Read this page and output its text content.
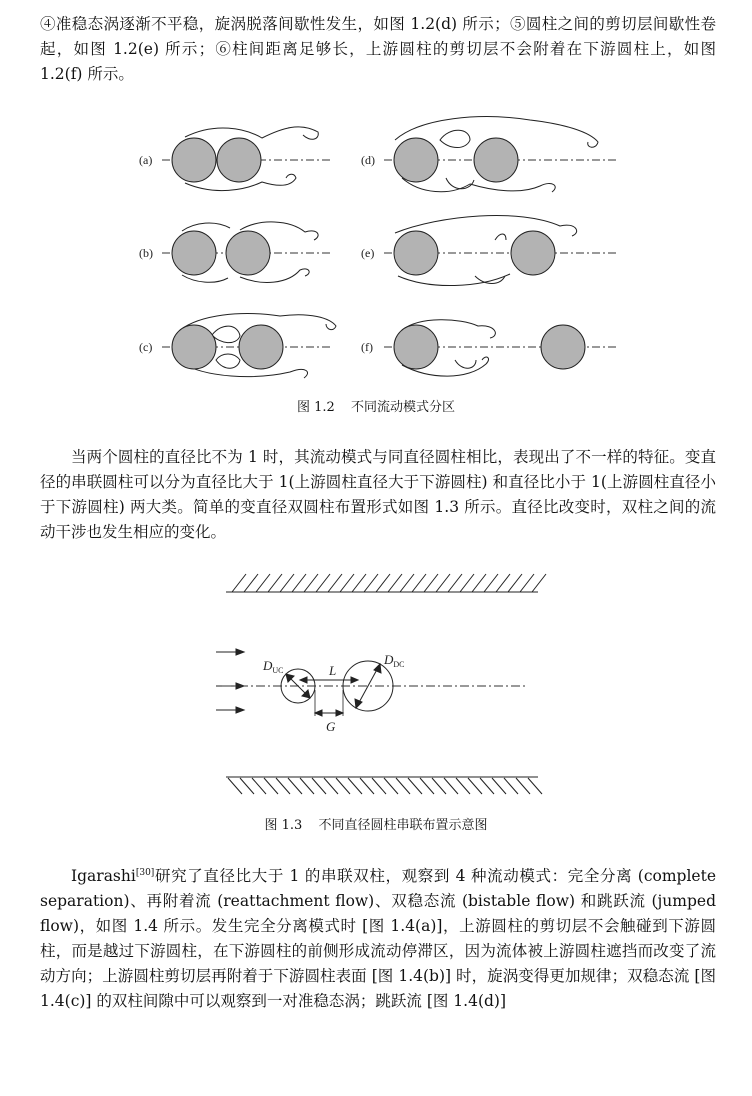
④准稳态涡逐渐不平稳，旋涡脱落间歇性发生，如图 1.2(d) 所示；⑤圆柱之间的剪切层间歇性卷起，如图 1.2(e) 所示；⑥柱间距离足够长，上游圆柱的剪切层不会附着在下游圆柱上，如图 1.2(f) 所示。

(a)
(b)
(c)
(d)
(e)
(f)
图 1.2 不同流动模式分区

当两个圆柱的直径比不为 1 时，其流动模式与同直径圆柱相比，表现出了不一样的特征。变直径的串联圆柱可以分为直径比大于 1(上游圆柱直径大于下游圆柱) 和直径比小于 1(上游圆柱直径小于下游圆柱) 两大类。简单的变直径双圆柱布置形式如图 1.3 所示。直径比改变时，双柱之间的流动干涉也发生相应的变化。

$D_{UC}$
$D_{DC}$
L
G
图 1.3 不同直径圆柱串联布置示意图

Igarashi[30]研究了直径比大于 1 的串联双柱，观察到 4 种流动模式：完全分离 (complete separation)、再附着流 (reattachment flow)、双稳态流 (bistable flow) 和跳跃流 (jumped flow)，如图 1.4 所示。发生完全分离模式时 [图 1.4(a)]，上游圆柱的剪切层不会触碰到下游圆柱，而是越过下游圆柱，在下游圆柱的前侧形成流动停滞区，因为流体被上游圆柱遮挡而改变了流动方向；上游圆柱剪切层再附着于下游圆柱表面 [图 1.4(b)] 时，旋涡变得更加规律；双稳态流 [图 1.4(c)] 的双柱间隙中可以观察到一对准稳态涡；跳跃流 [图 1.4(d)]
